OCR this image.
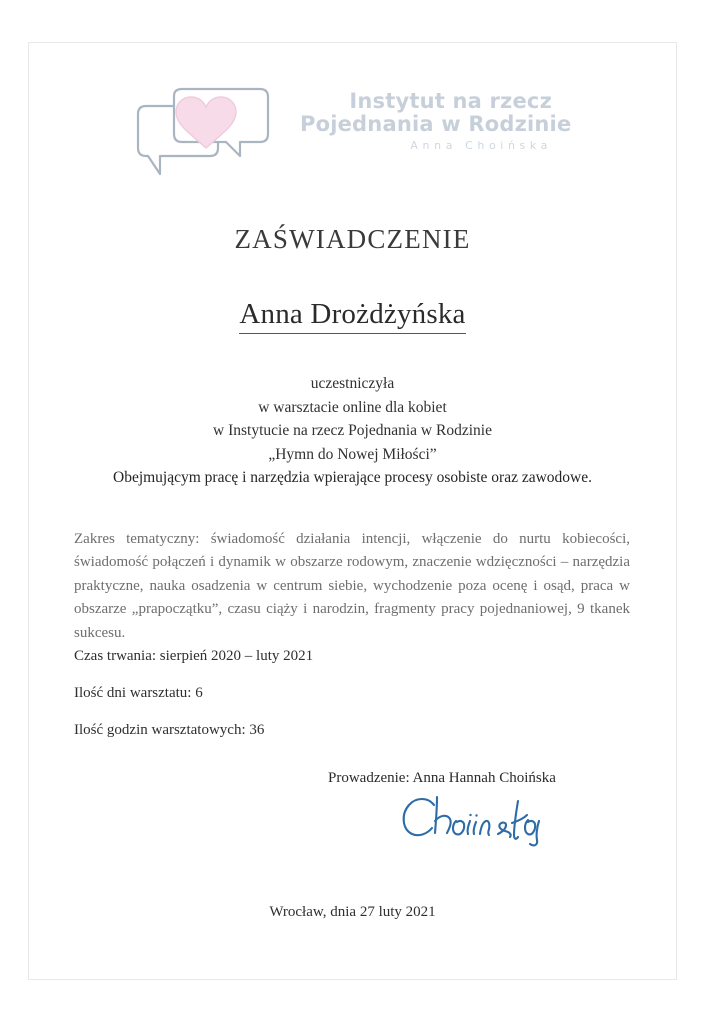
Instytut na rzecz
Pojednania w Rodzinie
Anna Choińska
ZAŚWIADCZENIE
Anna Drożdżyńska
uczestniczyła
w warsztacie online dla kobiet
w Instytucie na rzecz Pojednania w Rodzinie
„Hymn do Nowej Miłości”
Obejmującym pracę i narzędzia wpierające procesy osobiste oraz zawodowe.
Zakres tematyczny: świadomość działania intencji, włączenie do nurtu kobiecości, świadomość połączeń i dynamik w obszarze rodowym, znaczenie wdzięczności – narzędzia praktyczne, nauka osadzenia w centrum siebie, wychodzenie poza ocenę i osąd, praca w obszarze „prapoczątku”, czasu ciąży i narodzin, fragmenty pracy pojednaniowej, 9 tkanek sukcesu.
Czas trwania: sierpień 2020 – luty 2021
Ilość dni warsztatu: 6
Ilość godzin warsztatowych: 36
Prowadzenie: Anna Hannah Choińska
Wrocław, dnia 27 luty 2021
